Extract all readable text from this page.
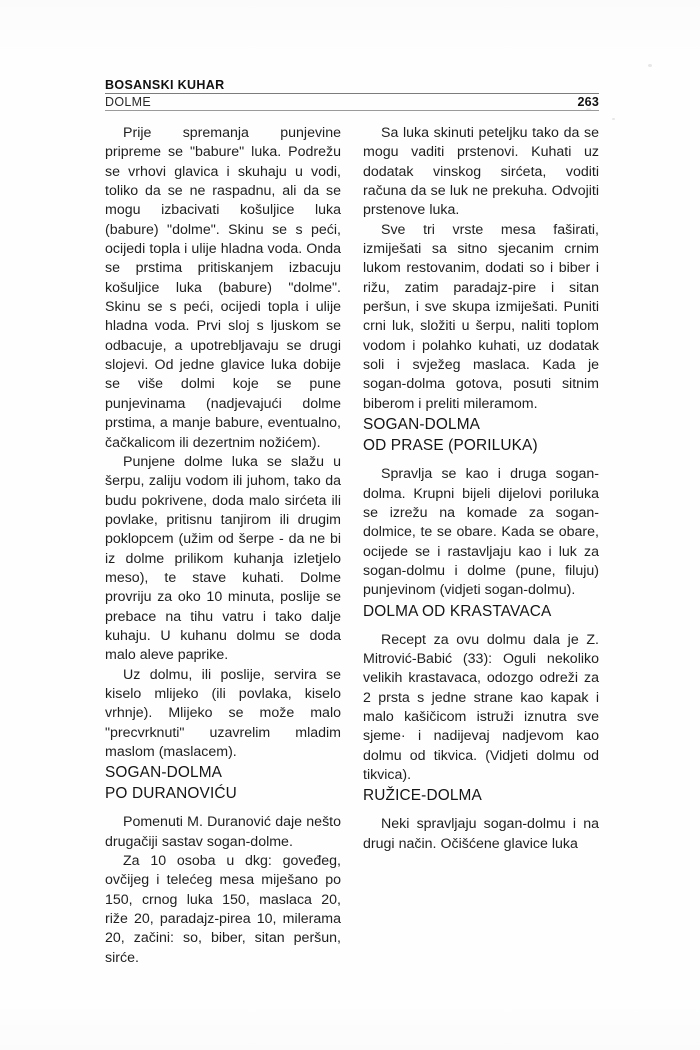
BOSANSKI KUHAR
DOLME	263

Prije spremanja punjevine pripreme se "babure" luka. Podrežu se vrhovi glavica i skuhaju u vodi, toliko da se ne raspadnu, ali da se mogu izbacivati košuljice luka (babure) "dolme". Skinu se s peći, ocijedi topla i ulije hladna voda. Onda se prstima pritiskanjem izbacuju košuljice luka (babure) "dolme". Skinu se s peći, ocijedi topla i ulije hladna voda. Prvi sloj s ljuskom se odbacuje, a upotrebljavaju se drugi slojevi. Od jedne glavice luka dobije se više dolmi koje se pune punjevinama (nadjevajući dolme prstima, a manje babure, eventualno, čačkalicom ili dezertnim nožićem).

Punjene dolme luka se slažu u šerpu, zaliju vodom ili juhom, tako da budu pokrivene, doda malo sirćeta ili povlake, pritisnu tanjirom ili drugim poklopcem (užim od šerpe - da ne bi iz dolme prilikom kuhanja izletjelo meso), te stave kuhati. Dolme provriju za oko 10 minuta, poslije se prebace na tihu vatru i tako dalje kuhaju. U kuhanu dolmu se doda malo aleve paprike.

Uz dolmu, ili poslije, servira se kiselo mlijeko (ili povlaka, kiselo vrhnje). Mlijeko se može malo "precvrknuti" uzavrelim mladim maslom (maslacem).

SOGAN-DOLMA
PO DURANOVIĆU

Pomenuti M. Duranović daje nešto drugačiji sastav sogan-dolme.

Za 10 osoba u dkg: goveđeg, ovčijeg i telećeg mesa miješano po 150, crnog luka 150, maslaca 20, riže 20, paradajz-pirea 10, milerama 20, začini: so, biber, sitan peršun, sirće.

Sa luka skinuti peteljku tako da se mogu vaditi prstenovi. Kuhati uz dodatak vinskog sirćeta, voditi računa da se luk ne prekuha. Odvojiti prstenove luka.

Sve tri vrste mesa faširati, izmiješati sa sitno sjecanim crnim lukom restovanim, dodati so i biber i rižu, zatim paradajz-pire i sitan peršun, i sve skupa izmiješati. Puniti crni luk, složiti u šerpu, naliti toplom vodom i polahko kuhati, uz dodatak soli i svježeg maslaca. Kada je sogan-dolma gotova, posuti sitnim biberom i preliti mileramom.

SOGAN-DOLMA
OD PRASE (PORILUKA)

Spravlja se kao i druga sogan-dolma. Krupni bijeli dijelovi poriluka se izrežu na komade za sogan-dolmice, te se obare. Kada se obare, ocijede se i rastavljaju kao i luk za sogan-dolmu i dolme (pune, filuju) punjevinom (vidjeti sogan-dolmu).

DOLMA OD KRASTAVACA

Recept za ovu dolmu dala je Z. Mitrović-Babić (33): Oguli nekoliko velikih krastavaca, odozgo odreži za 2 prsta s jedne strane kao kapak i malo kašičicom istruži iznutra sve sjeme· i nadijevaj nadjevom kao dolmu od tikvica. (Vidjeti dolmu od tikvica).

RUŽICE-DOLMA

Neki spravljaju sogan-dolmu i na drugi način. Očišćene glavice luka
